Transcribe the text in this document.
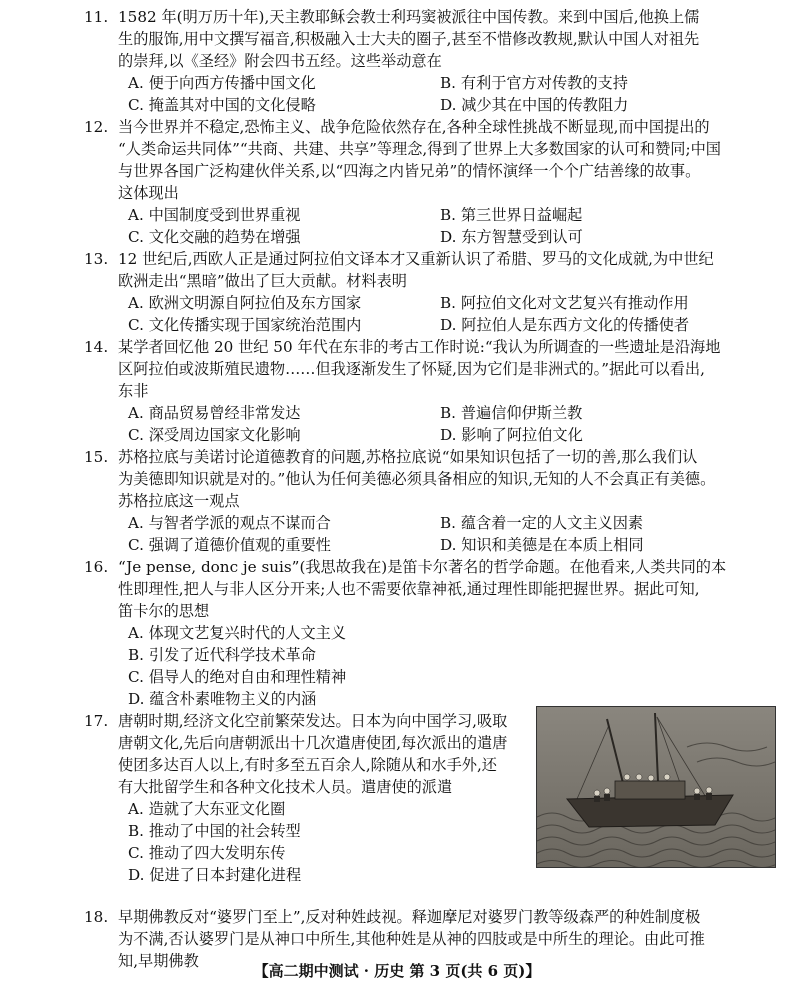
11. 1582 年(明万历十年),天主教耶稣会教士利玛窦被派往中国传教。来到中国后,他换上儒
生的服饰,用中文撰写福音,积极融入士大夫的圈子,甚至不惜修改教规,默认中国人对祖先
的崇拜,以《圣经》附会四书五经。这些举动意在
A. 便于向西方传播中国文化	B. 有利于官方对传教的支持
C. 掩盖其对中国的文化侵略	D. 减少其在中国的传教阻力
12. 当今世界并不稳定,恐怖主义、战争危险依然存在,各种全球性挑战不断显现,而中国提出的
“人类命运共同体”“共商、共建、共享”等理念,得到了世界上大多数国家的认可和赞同;中国
与世界各国广泛构建伙伴关系,以“四海之内皆兄弟”的情怀演绎一个个广结善缘的故事。
这体现出
A. 中国制度受到世界重视	B. 第三世界日益崛起
C. 文化交融的趋势在增强	D. 东方智慧受到认可
13. 12 世纪后,西欧人正是通过阿拉伯文译本才又重新认识了希腊、罗马的文化成就,为中世纪
欧洲走出“黑暗”做出了巨大贡献。材料表明
A. 欧洲文明源自阿拉伯及东方国家	B. 阿拉伯文化对文艺复兴有推动作用
C. 文化传播实现于国家统治范围内	D. 阿拉伯人是东西方文化的传播使者
14. 某学者回忆他 20 世纪 50 年代在东非的考古工作时说:“我认为所调查的一些遗址是沿海地
区阿拉伯或波斯殖民遗物……但我逐渐发生了怀疑,因为它们是非洲式的。”据此可以看出,
东非
A. 商品贸易曾经非常发达	B. 普遍信仰伊斯兰教
C. 深受周边国家文化影响	D. 影响了阿拉伯文化
15. 苏格拉底与美诺讨论道德教育的问题,苏格拉底说“如果知识包括了一切的善,那么我们认
为美德即知识就是对的。”他认为任何美德必须具备相应的知识,无知的人不会真正有美德。
苏格拉底这一观点
A. 与智者学派的观点不谋而合	B. 蕴含着一定的人文主义因素
C. 强调了道德价值观的重要性	D. 知识和美德是在本质上相同
16. “Je pense, donc je suis”(我思故我在)是笛卡尔著名的哲学命题。在他看来,人类共同的本
性即理性,把人与非人区分开来;人也不需要依靠神祇,通过理性即能把握世界。据此可知,
笛卡尔的思想
A. 体现文艺复兴时代的人文主义
B. 引发了近代科学技术革命
C. 倡导人的绝对自由和理性精神
D. 蕴含朴素唯物主义的内涵
17. 唐朝时期,经济文化空前繁荣发达。日本为向中国学习,吸取
唐朝文化,先后向唐朝派出十几次遣唐使团,每次派出的遣唐
使团多达百人以上,有时多至五百余人,除随从和水手外,还
有大批留学生和各种文化技术人员。遣唐使的派遣
A. 造就了大东亚文化圈
B. 推动了中国的社会转型
C. 推动了四大发明东传
D. 促进了日本封建化进程
18. 早期佛教反对“婆罗门至上”,反对种姓歧视。释迦摩尼对婆罗门教等级森严的种姓制度极
为不满,否认婆罗门是从神口中所生,其他种姓是从神的四肢或是中所生的理论。由此可推
知,早期佛教
【高二期中测试 · 历史 第 3 页(共 6 页)】
